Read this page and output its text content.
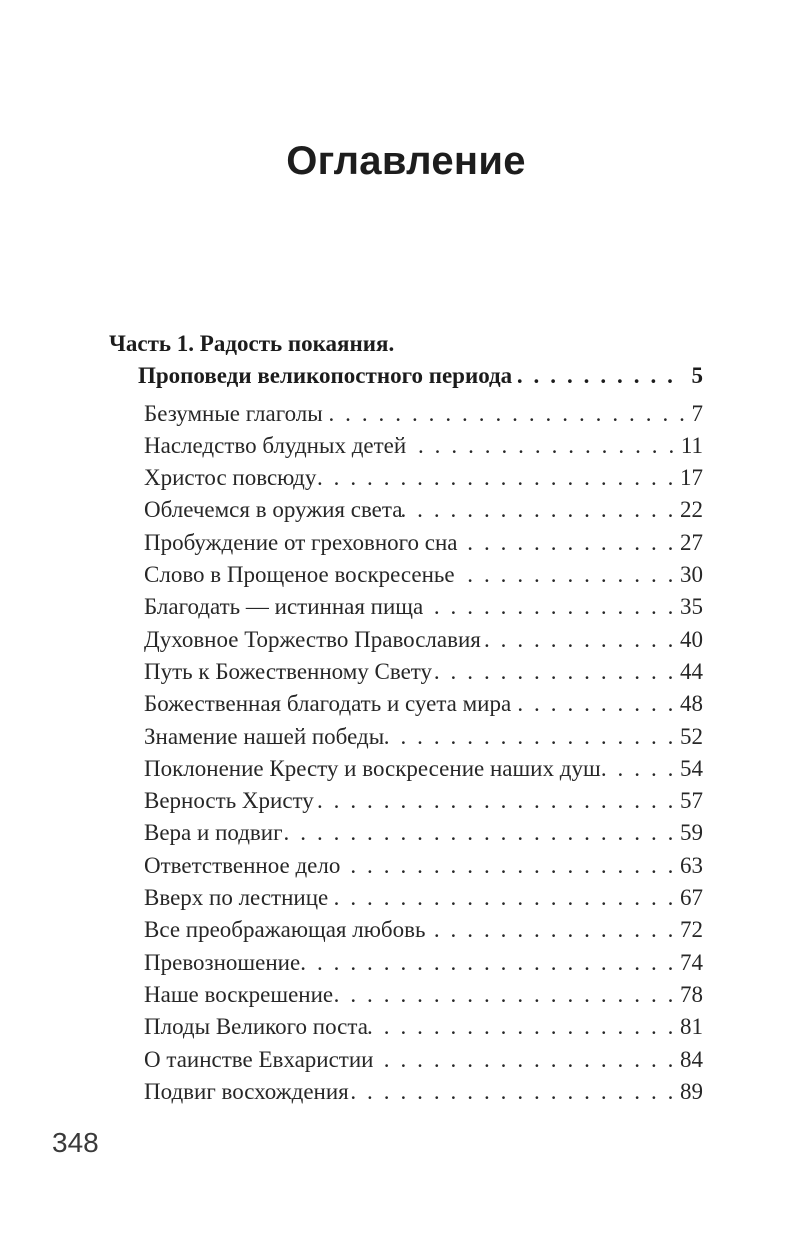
Оглавление
Часть 1. Радость покаяния.
Проповеди великопостного периода . . .	5
Безумные глаголы . . .	7
Наследство блудных детей . . .	11
Христос повсюду . . .	17
Облечемся в оружия света . . .	22
Пробуждение от греховного сна . . .	27
Слово в Прощеное воскресенье . . .	30
Благодать — истинная пища . . .	35
Духовное Торжество Православия . . .	40
Путь к Божественному Свету . . .	44
Божественная благодать и суета мира . . .	48
Знамение нашей победы . . .	52
Поклонение Кресту и воскресение наших душ . . .	54
Верность Христу . . .	57
Вера и подвиг . . .	59
Ответственное дело . . .	63
Вверх по лестнице . . .	67
Все преображающая любовь . . .	72
Превозношение . . .	74
Наше воскрешение . . .	78
Плоды Великого поста . . .	81
О таинстве Евхаристии . . .	84
Подвиг восхождения . . .	89
348
